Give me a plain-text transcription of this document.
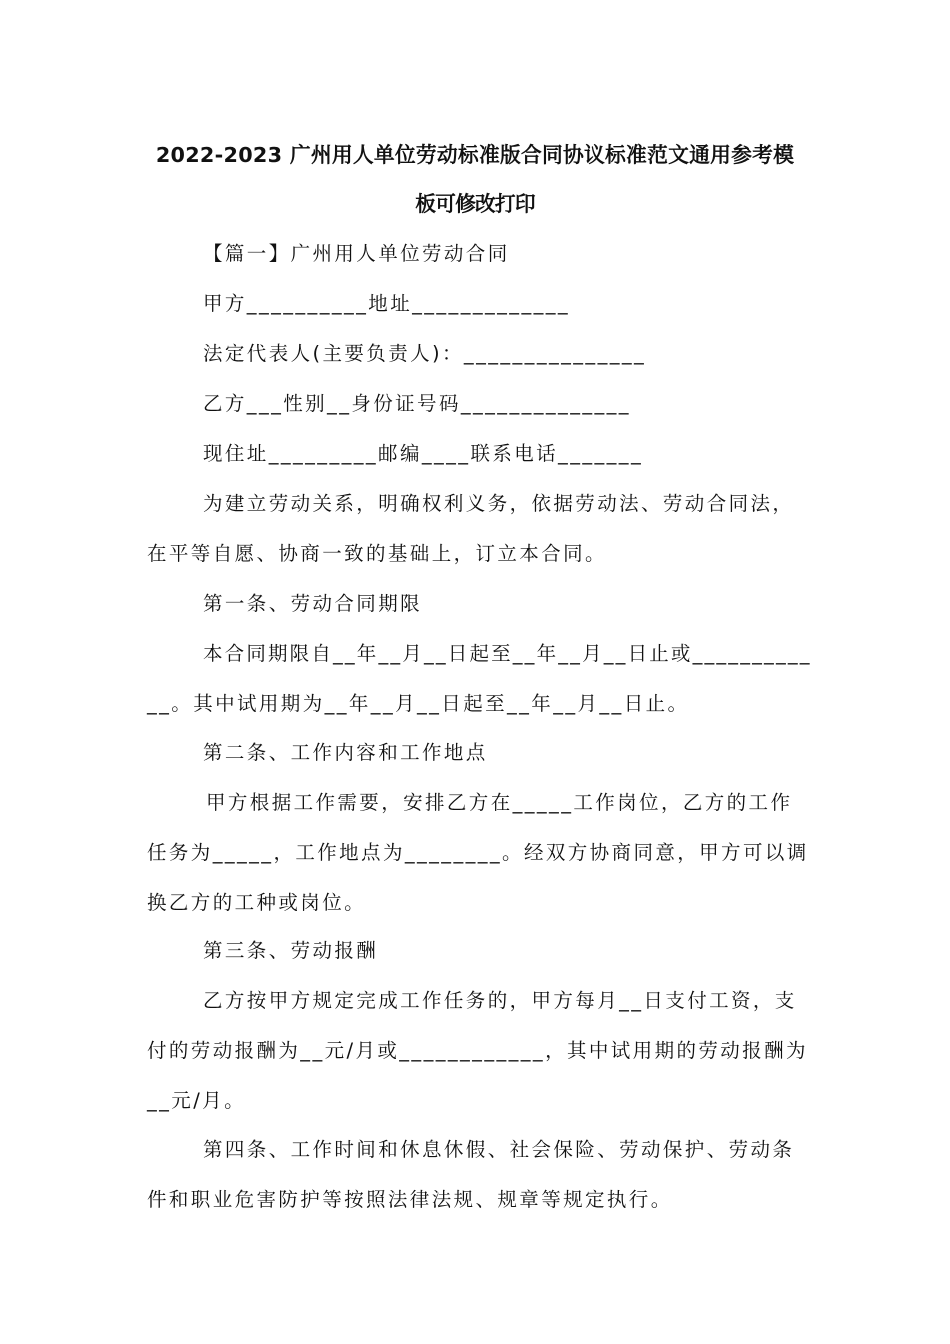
2022-2023 广州用人单位劳动标准版合同协议标准范文通用参考模
板可修改打印
【篇一】广州用人单位劳动合同
甲方__________地址_____________
法定代表人(主要负责人)：_______________
乙方___性别__身份证号码______________
现住址_________邮编____联系电话_______
为建立劳动关系，明确权利义务，依据劳动法、劳动合同法，
在平等自愿、协商一致的基础上，订立本合同。
第一条、劳动合同期限
本合同期限自__年__月__日起至__年__月__日止或__________
__。其中试用期为__年__月__日起至__年__月__日止。
第二条、工作内容和工作地点
甲方根据工作需要，安排乙方在_____工作岗位，乙方的工作
任务为_____，工作地点为________。经双方协商同意，甲方可以调
换乙方的工种或岗位。
第三条、劳动报酬
乙方按甲方规定完成工作任务的，甲方每月__日支付工资，支
付的劳动报酬为__元/月或____________，其中试用期的劳动报酬为
__元/月。
第四条、工作时间和休息休假、社会保险、劳动保护、劳动条
件和职业危害防护等按照法律法规、规章等规定执行。
